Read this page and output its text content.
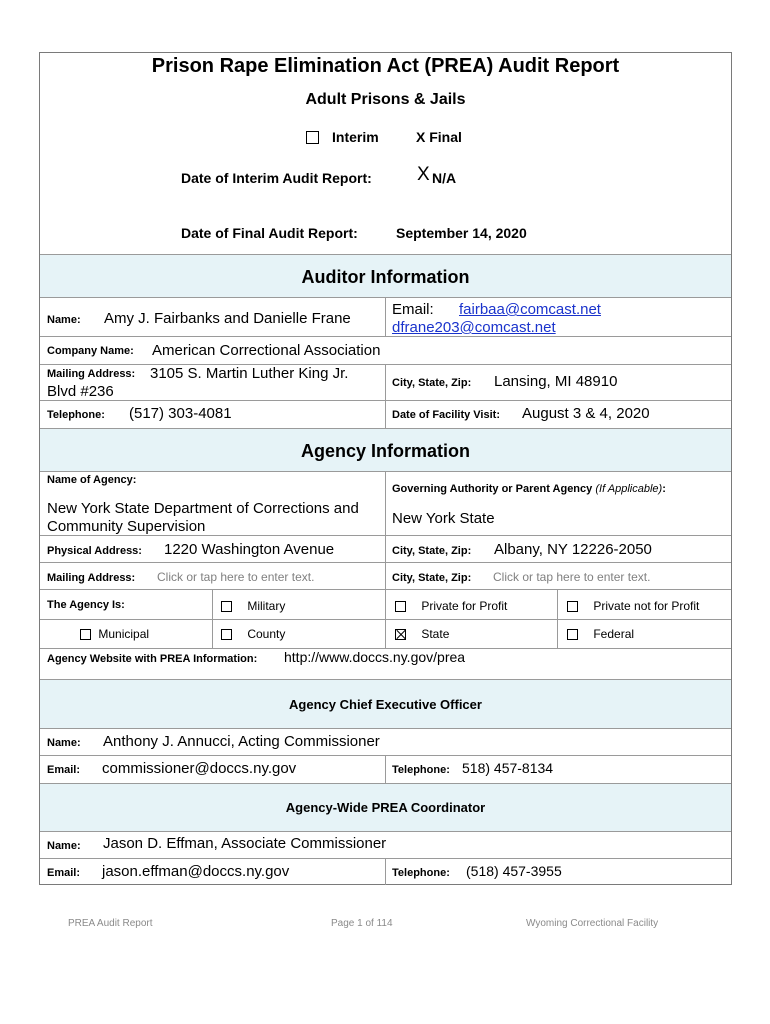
Prison Rape Elimination Act (PREA) Audit Report
Adult Prisons & Jails
Interim	X Final
Date of Interim Audit Report: X N/A
Date of Final Audit Report:	September 14, 2020
Auditor Information
Name: Amy J. Fairbanks and Danielle Frane
Email: fairbaa@comcast.net
dfrane203@comcast.net
Company Name: American Correctional Association
Mailing Address: 3105 S. Martin Luther King Jr.
Blvd #236	City, State, Zip: Lansing, MI 48910
Telephone: (517) 303-4081	Date of Facility Visit: August 3 & 4, 2020
Agency Information
Name of Agency:
New York State Department of Corrections and
Community Supervision
Governing Authority or Parent Agency (If Applicable):
New York State
Physical Address: 1220 Washington Avenue	City, State, Zip: Albany, NY 12226-2050
Mailing Address: Click or tap here to enter text.	City, State, Zip: Click or tap here to enter text.
The Agency Is:	Military	Private for Profit	Private not for Profit
Municipal	County	State	Federal
Agency Website with PREA Information: http://www.doccs.ny.gov/prea
Agency Chief Executive Officer
Name: Anthony J. Annucci, Acting Commissioner
Email: commissioner@doccs.ny.gov	Telephone: 518) 457-8134
Agency-Wide PREA Coordinator
Name: Jason D. Effman, Associate Commissioner
Email: jason.effman@doccs.ny.gov	Telephone: (518) 457-3955
PREA Audit Report	Page 1 of 114	Wyoming Correctional Facility
